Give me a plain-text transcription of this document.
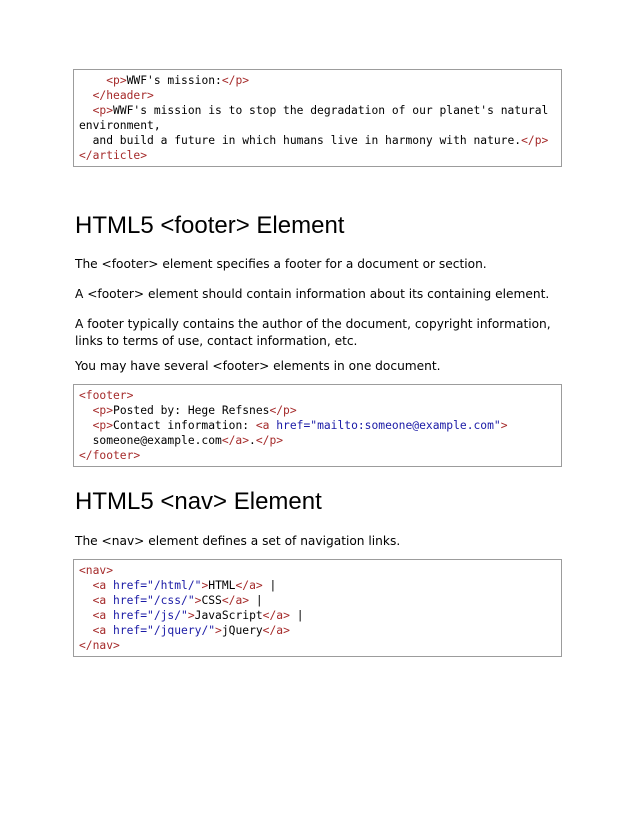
<p>WWF's mission:</p>
</header>
<p>WWF's mission is to stop the degradation of our planet's natural
environment,
and build a future in which humans live in harmony with nature.</p>
</article>
HTML5 <footer> Element

The <footer> element specifies a footer for a document or section.

A <footer> element should contain information about its containing element.

A footer typically contains the author of the document, copyright information, links to terms of use, contact information, etc.

You may have several <footer> elements in one document.

<footer>
<p>Posted by: Hege Refsnes</p>
<p>Contact information: <a href="mailto:someone@example.com">
someone@example.com</a>.</p>
</footer>
HTML5 <nav> Element

The <nav> element defines a set of navigation links.

<nav>
<a href="/html/">HTML</a> |
<a href="/css/">CSS</a> |
<a href="/js/">JavaScript</a> |
<a href="/jquery/">jQuery</a>
</nav>
